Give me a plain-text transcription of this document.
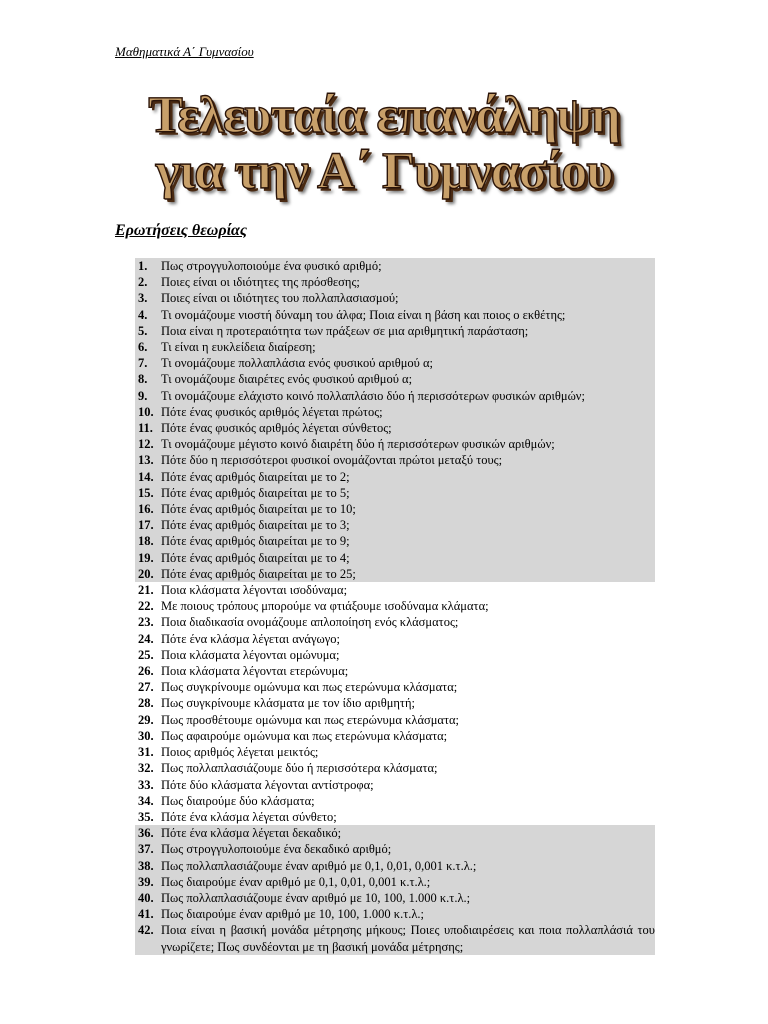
Μαθηματικά Α΄ Γυμνασίου
Τελευταία επανάληψη
για την Α΄ Γυμνασίου
Ερωτήσεις θεωρίας
1. Πως στρογγυλοποιούμε ένα φυσικό αριθμό;
2. Ποιες είναι οι ιδιότητες της πρόσθεσης;
3. Ποιες είναι οι ιδιότητες του πολλαπλασιασμού;
4. Τι ονομάζουμε νιοστή δύναμη του άλφα; Ποια είναι η βάση και ποιος ο εκθέτης;
5. Ποια είναι η προτεραιότητα των πράξεων σε μια αριθμητική παράσταση;
6. Τι είναι η ευκλείδεια διαίρεση;
7. Τι ονομάζουμε πολλαπλάσια ενός φυσικού αριθμού α;
8. Τι ονομάζουμε διαιρέτες ενός φυσικού αριθμού α;
9. Τι ονομάζουμε ελάχιστο κοινό πολλαπλάσιο δύο ή περισσότερων φυσικών αριθμών;
10. Πότε ένας φυσικός αριθμός λέγεται πρώτος;
11. Πότε ένας φυσικός αριθμός λέγεται σύνθετος;
12. Τι ονομάζουμε μέγιστο κοινό διαιρέτη δύο ή περισσότερων φυσικών αριθμών;
13. Πότε δύο η περισσότεροι φυσικοί ονομάζονται πρώτοι μεταξύ τους;
14. Πότε ένας αριθμός διαιρείται με το 2;
15. Πότε ένας αριθμός διαιρείται με το 5;
16. Πότε ένας αριθμός διαιρείται με το 10;
17. Πότε ένας αριθμός διαιρείται με το 3;
18. Πότε ένας αριθμός διαιρείται με το 9;
19. Πότε ένας αριθμός διαιρείται με το 4;
20. Πότε ένας αριθμός διαιρείται με το 25;
21. Ποια κλάσματα λέγονται ισοδύναμα;
22. Με ποιους τρόπους μπορούμε να φτιάξουμε ισοδύναμα κλάματα;
23. Ποια διαδικασία ονομάζουμε απλοποίηση ενός κλάσματος;
24. Πότε ένα κλάσμα λέγεται ανάγωγο;
25. Ποια κλάσματα λέγονται ομώνυμα;
26. Ποια κλάσματα λέγονται ετερώνυμα;
27. Πως συγκρίνουμε ομώνυμα και πως ετερώνυμα κλάσματα;
28. Πως συγκρίνουμε κλάσματα με τον ίδιο αριθμητή;
29. Πως προσθέτουμε ομώνυμα και πως ετερώνυμα κλάσματα;
30. Πως αφαιρούμε ομώνυμα και πως ετερώνυμα κλάσματα;
31. Ποιος αριθμός λέγεται μεικτός;
32. Πως πολλαπλασιάζουμε δύο ή περισσότερα κλάσματα;
33. Πότε δύο κλάσματα λέγονται αντίστροφα;
34. Πως διαιρούμε δύο κλάσματα;
35. Πότε ένα κλάσμα λέγεται σύνθετο;
36. Πότε ένα κλάσμα λέγεται δεκαδικό;
37. Πως στρογγυλοποιούμε ένα δεκαδικό αριθμό;
38. Πως πολλαπλασιάζουμε έναν αριθμό με 0,1, 0,01, 0,001 κ.τ.λ.;
39. Πως διαιρούμε έναν αριθμό με 0,1, 0,01, 0,001 κ.τ.λ.;
40. Πως πολλαπλασιάζουμε έναν αριθμό με 10, 100, 1.000 κ.τ.λ.;
41. Πως διαιρούμε έναν αριθμό με 10, 100, 1.000 κ.τ.λ.;
42. Ποια είναι η βασική μονάδα μέτρησης μήκους; Ποιες υποδιαιρέσεις και ποια πολλαπλάσιά του γνωρίζετε; Πως συνδέονται με τη βασική μονάδα μέτρησης;
